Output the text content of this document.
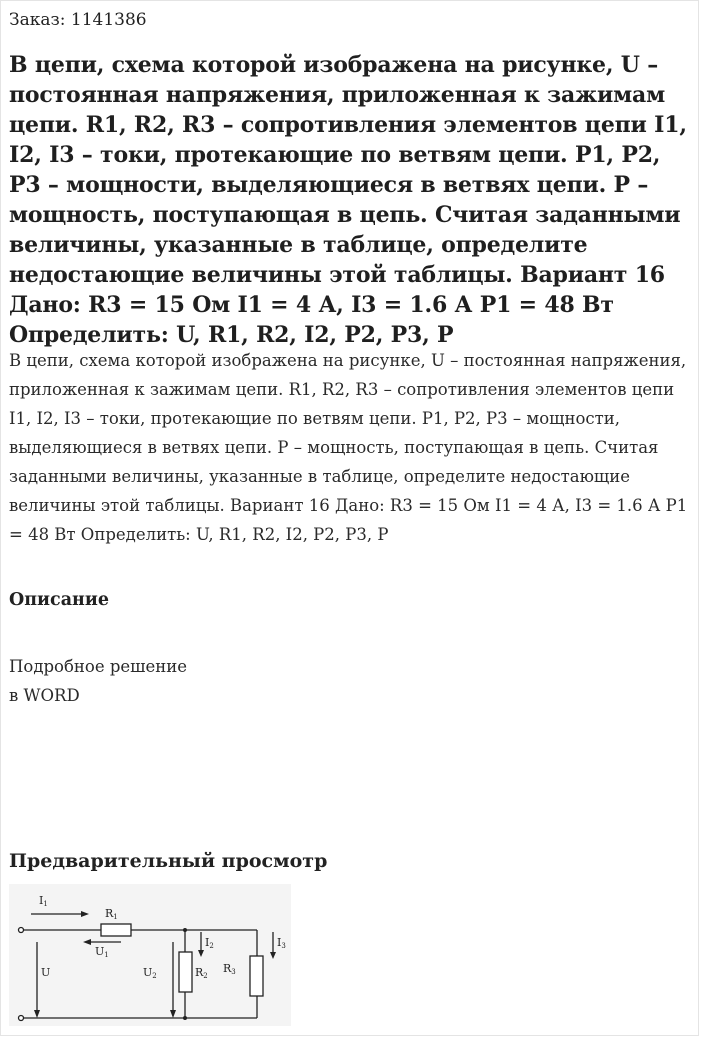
Заказ: 1141386
В цепи, схема которой изображена на рисунке, U – постоянная напряжения, приложенная к зажимам цепи. R1, R2, R3 – сопротивления элементов цепи I1, I2, I3 – токи, протекающие по ветвям цепи. P1, P2, P3 – мощности, выделяющиеся в ветвях цепи. P – мощность, поступающая в цепь. Считая заданными величины, указанные в таблице, определите недостающие величины этой таблицы. Вариант 16 Дано: R3 = 15 Ом I1 = 4 А, I3 = 1.6 А P1 = 48 Вт Определить: U, R1, R2, I2, P2, P3, P
В цепи, схема которой изображена на рисунке, U – постоянная напряжения, приложенная к зажимам цепи. R1, R2, R3 – сопротивления элементов цепи I1, I2, I3 – токи, протекающие по ветвям цепи. P1, P2, P3 – мощности, выделяющиеся в ветвях цепи. P – мощность, поступающая в цепь. Считая заданными величины, указанные в таблице, определите недостающие величины этой таблицы. Вариант 16 Дано: R3 = 15 Ом I1 = 4 А, I3 = 1.6 А P1 = 48 Вт Определить: U, R1, R2, I2, P2, P3, P
Описание
Подробное решение
в WORD
Предварительный просмотр
I1
R1
U1
U	U2
I2
R2
R3
I3
